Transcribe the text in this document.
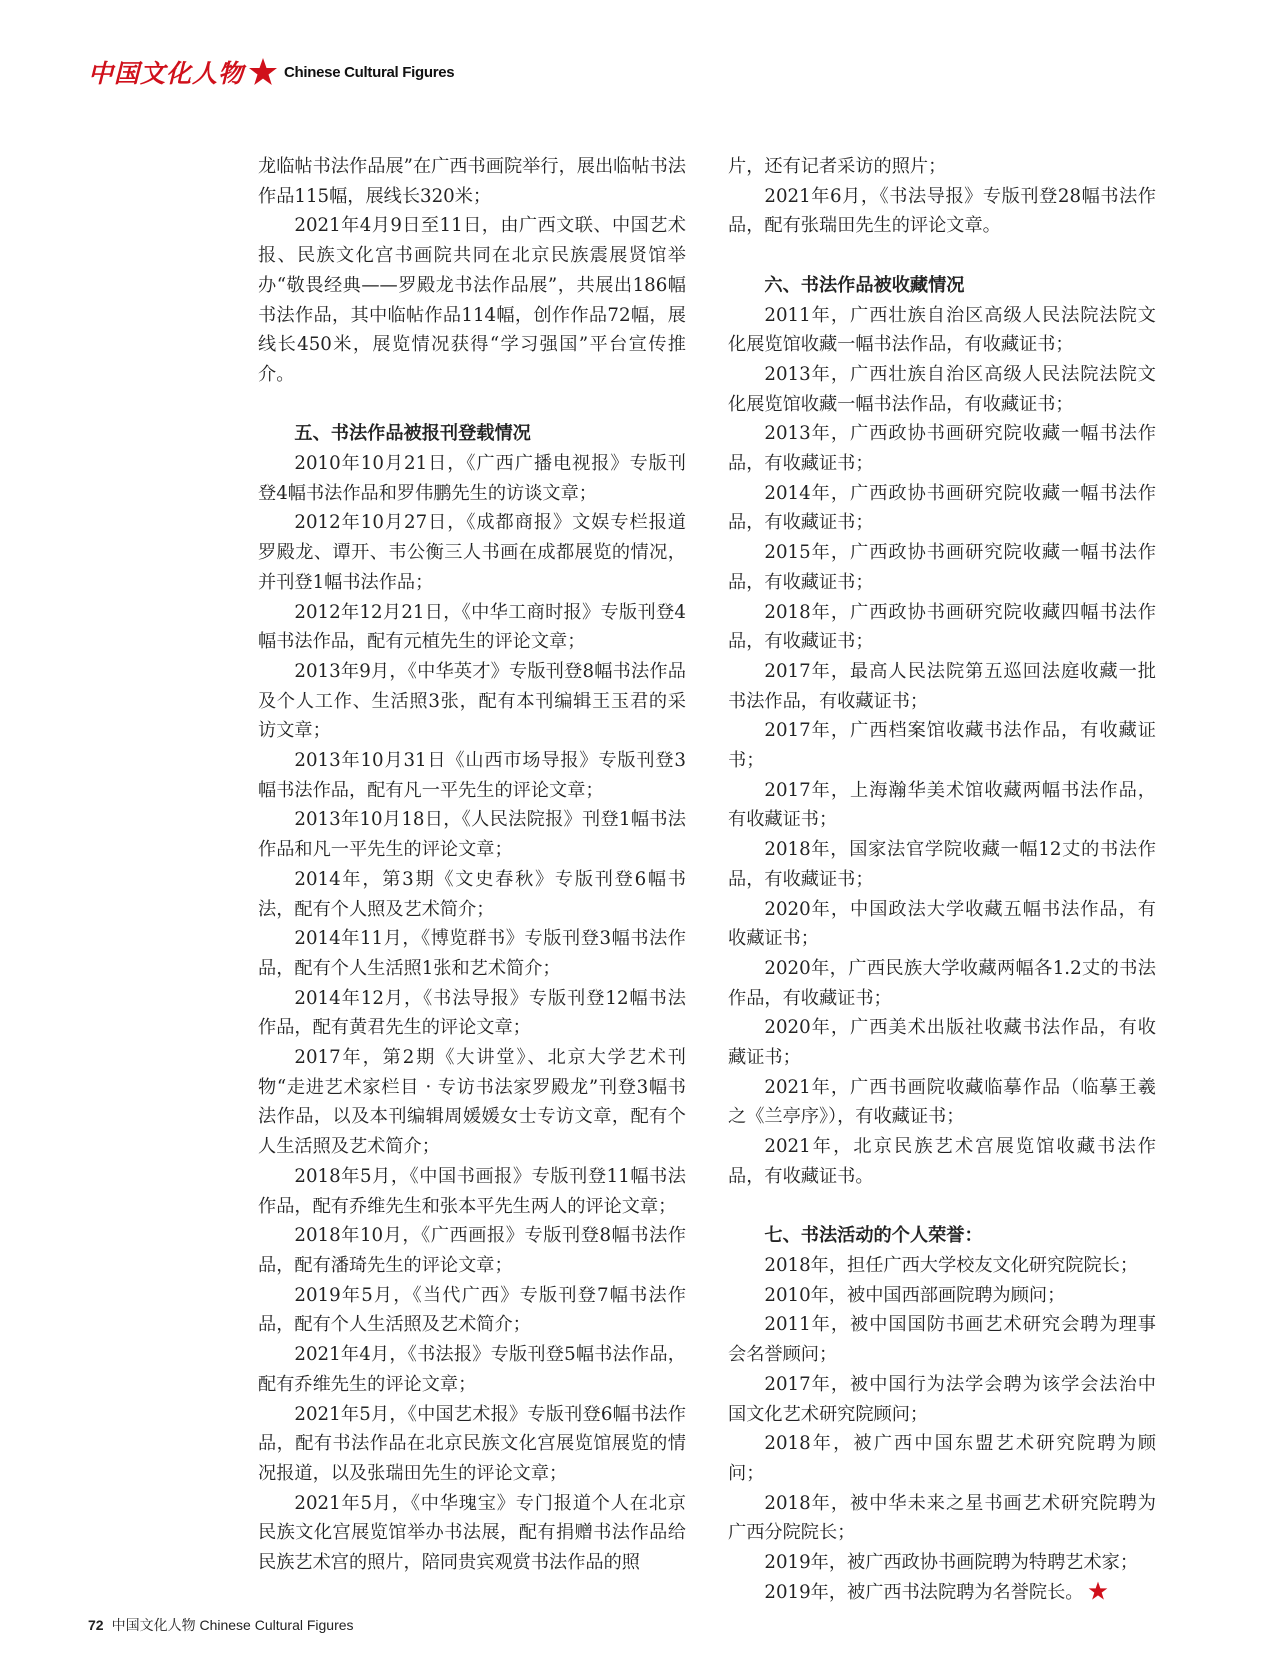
中国文化人物	Chinese Cultural Figures

龙临帖书法作品展”在广西书画院举行，展出临帖书法作品115幅，展线长320米；

2021年4月9日至11日，由广西文联、中国艺术报、民族文化宫书画院共同在北京民族震展贤馆举办“敬畏经典——罗殿龙书法作品展”，共展出186幅书法作品，其中临帖作品114幅，创作作品72幅，展线长450米，展览情况获得“学习强国”平台宣传推介。

五、书法作品被报刊登载情况

2010年10月21日，《广西广播电视报》专版刊登4幅书法作品和罗伟鹏先生的访谈文章；

2012年10月27日，《成都商报》文娱专栏报道罗殿龙、谭开、韦公衡三人书画在成都展览的情况，并刊登1幅书法作品；

2012年12月21日，《中华工商时报》专版刊登4幅书法作品，配有元植先生的评论文章；

2013年9月，《中华英才》专版刊登8幅书法作品及个人工作、生活照3张，配有本刊编辑王玉君的采访文章；

2013年10月31日《山西市场导报》专版刊登3幅书法作品，配有凡一平先生的评论文章；

2013年10月18日，《人民法院报》刊登1幅书法作品和凡一平先生的评论文章；

2014年，第3期《文史春秋》专版刊登6幅书法，配有个人照及艺术简介；

2014年11月，《博览群书》专版刊登3幅书法作品，配有个人生活照1张和艺术简介；

2014年12月，《书法导报》专版刊登12幅书法作品，配有黄君先生的评论文章；

2017年，第2期《大讲堂》、北京大学艺术刊物“走进艺术家栏目 · 专访书法家罗殿龙”刊登3幅书法作品，以及本刊编辑周媛媛女士专访文章，配有个人生活照及艺术简介；

2018年5月，《中国书画报》专版刊登11幅书法作品，配有乔维先生和张本平先生两人的评论文章；

2018年10月，《广西画报》专版刊登8幅书法作品，配有潘琦先生的评论文章；

2019年5月，《当代广西》专版刊登7幅书法作品，配有个人生活照及艺术简介；

2021年4月，《书法报》专版刊登5幅书法作品，配有乔维先生的评论文章；

2021年5月，《中国艺术报》专版刊登6幅书法作品，配有书法作品在北京民族文化宫展览馆展览的情况报道，以及张瑞田先生的评论文章；

2021年5月，《中华瑰宝》专门报道个人在北京民族文化宫展览馆举办书法展，配有捐赠书法作品给民族艺术宫的照片，陪同贵宾观赏书法作品的照

片，还有记者采访的照片；

2021年6月，《书法导报》专版刊登28幅书法作品，配有张瑞田先生的评论文章。

六、书法作品被收藏情况

2011年，广西壮族自治区高级人民法院法院文化展览馆收藏一幅书法作品，有收藏证书；

2013年，广西壮族自治区高级人民法院法院文化展览馆收藏一幅书法作品，有收藏证书；

2013年，广西政协书画研究院收藏一幅书法作品，有收藏证书；

2014年，广西政协书画研究院收藏一幅书法作品，有收藏证书；

2015年，广西政协书画研究院收藏一幅书法作品，有收藏证书；

2018年，广西政协书画研究院收藏四幅书法作品，有收藏证书；

2017年，最高人民法院第五巡回法庭收藏一批书法作品，有收藏证书；

2017年，广西档案馆收藏书法作品，有收藏证书；

2017年，上海瀚华美术馆收藏两幅书法作品，有收藏证书；

2018年，国家法官学院收藏一幅12丈的书法作品，有收藏证书；

2020年，中国政法大学收藏五幅书法作品，有收藏证书；

2020年，广西民族大学收藏两幅各1.2丈的书法作品，有收藏证书；

2020年，广西美术出版社收藏书法作品，有收藏证书；

2021年，广西书画院收藏临摹作品（临摹王羲之《兰亭序》），有收藏证书；

2021年，北京民族艺术宫展览馆收藏书法作品，有收藏证书。

七、书法活动的个人荣誉：

2018年，担任广西大学校友文化研究院院长；

2010年，被中国西部画院聘为顾问；

2011年，被中国国防书画艺术研究会聘为理事会名誉顾问；

2017年，被中国行为法学会聘为该学会法治中国文化艺术研究院顾问；

2018年，被广西中国东盟艺术研究院聘为顾问；

2018年，被中华未来之星书画艺术研究院聘为广西分院院长；

2019年，被广西政协书画院聘为特聘艺术家；

2019年，被广西书法院聘为名誉院长。

72 中国文化人物 Chinese Cultural Figures
